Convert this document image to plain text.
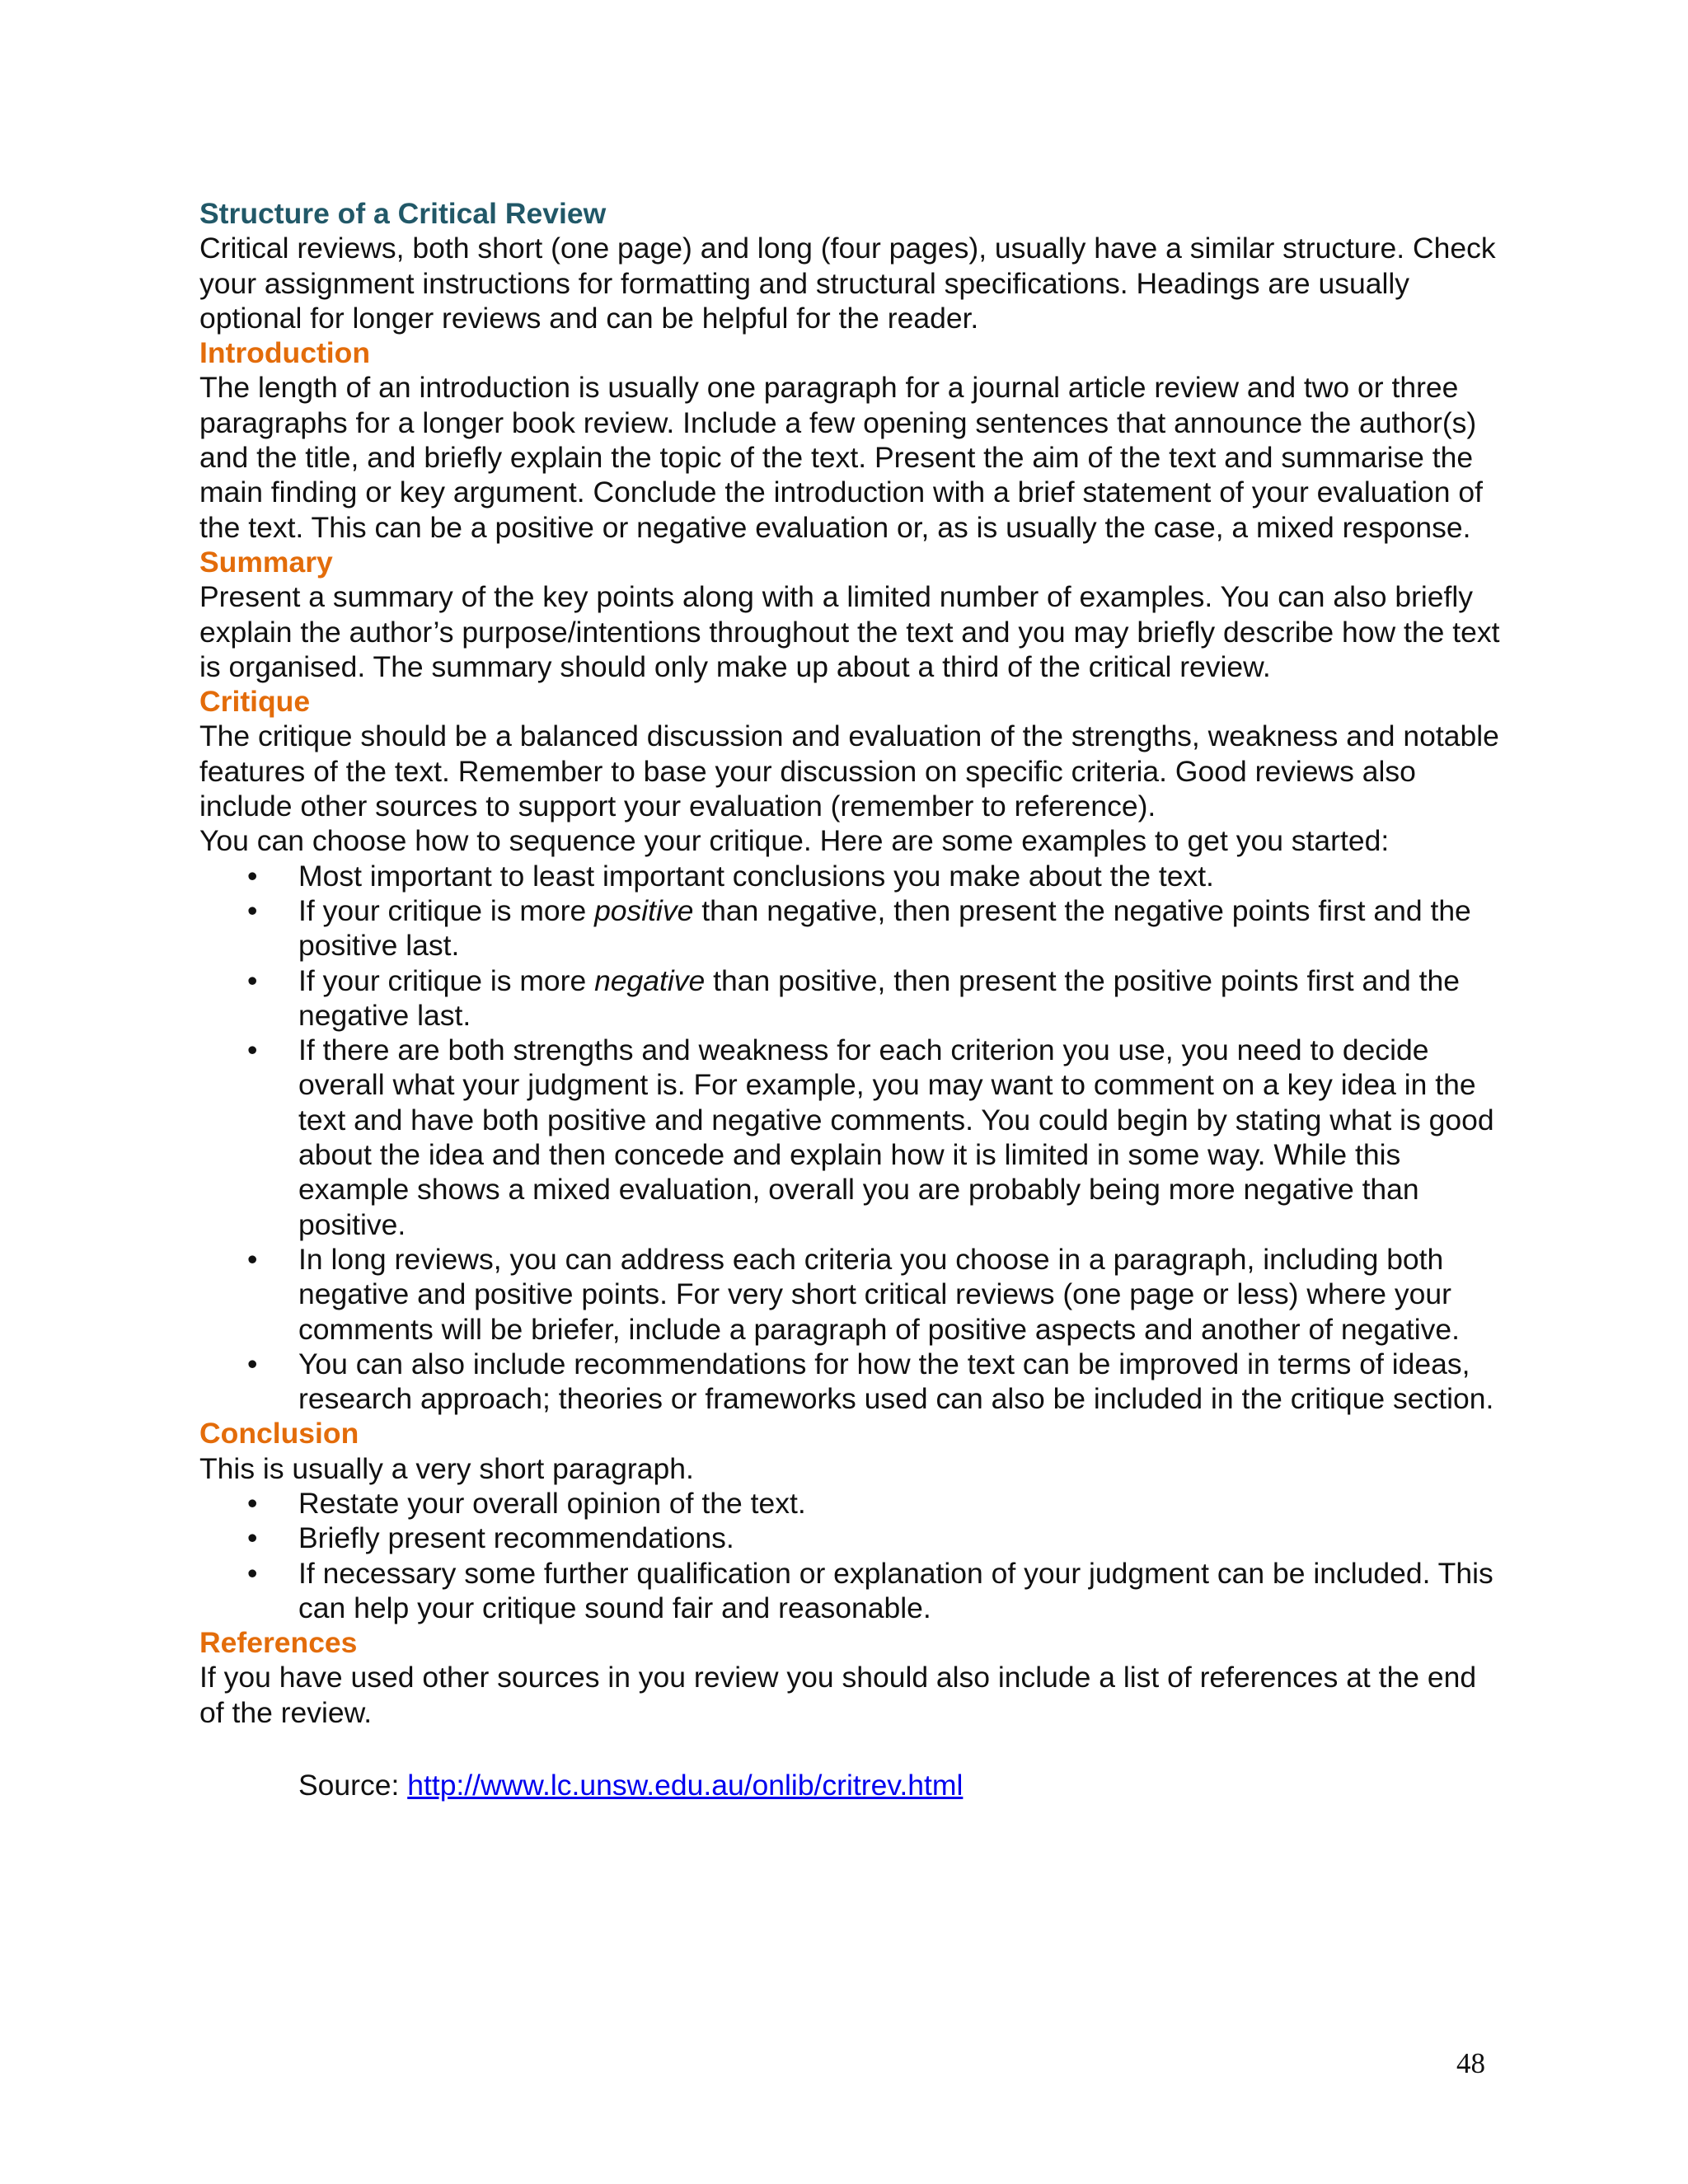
Structure of a Critical Review

Critical reviews, both short (one page) and long (four pages), usually have a similar structure. Check your assignment instructions for formatting and structural specifications. Headings are usually optional for longer reviews and can be helpful for the reader.

Introduction

The length of an introduction is usually one paragraph for a journal article review and two or three paragraphs for a longer book review. Include a few opening sentences that announce the author(s) and the title, and briefly explain the topic of the text. Present the aim of the text and summarise the main finding or key argument. Conclude the introduction with a brief statement of your evaluation of the text. This can be a positive or negative evaluation or, as is usually the case, a mixed response.

Summary

Present a summary of the key points along with a limited number of examples. You can also briefly explain the author’s purpose/intentions throughout the text and you may briefly describe how the text is organised. The summary should only make up about a third of the critical review.

Critique

The critique should be a balanced discussion and evaluation of the strengths, weakness and notable features of the text. Remember to base your discussion on specific criteria. Good reviews also include other sources to support your evaluation (remember to reference).

You can choose how to sequence your critique. Here are some examples to get you started:

• Most important to least important conclusions you make about the text.
• If your critique is more positive than negative, then present the negative points first and the positive last.
• If your critique is more negative than positive, then present the positive points first and the negative last.
• If there are both strengths and weakness for each criterion you use, you need to decide overall what your judgment is. For example, you may want to comment on a key idea in the text and have both positive and negative comments. You could begin by stating what is good about the idea and then concede and explain how it is limited in some way. While this example shows a mixed evaluation, overall you are probably being more negative than positive.
• In long reviews, you can address each criteria you choose in a paragraph, including both negative and positive points. For very short critical reviews (one page or less) where your comments will be briefer, include a paragraph of positive aspects and another of negative.
• You can also include recommendations for how the text can be improved in terms of ideas, research approach; theories or frameworks used can also be included in the critique section.
Conclusion

This is usually a very short paragraph.

• Restate your overall opinion of the text.
• Briefly present recommendations.
• If necessary some further qualification or explanation of your judgment can be included. This can help your critique sound fair and reasonable.
References

If you have used other sources in you review you should also include a list of references at the end of the review.

Source: http://www.lc.unsw.edu.au/onlib/critrev.html
48
